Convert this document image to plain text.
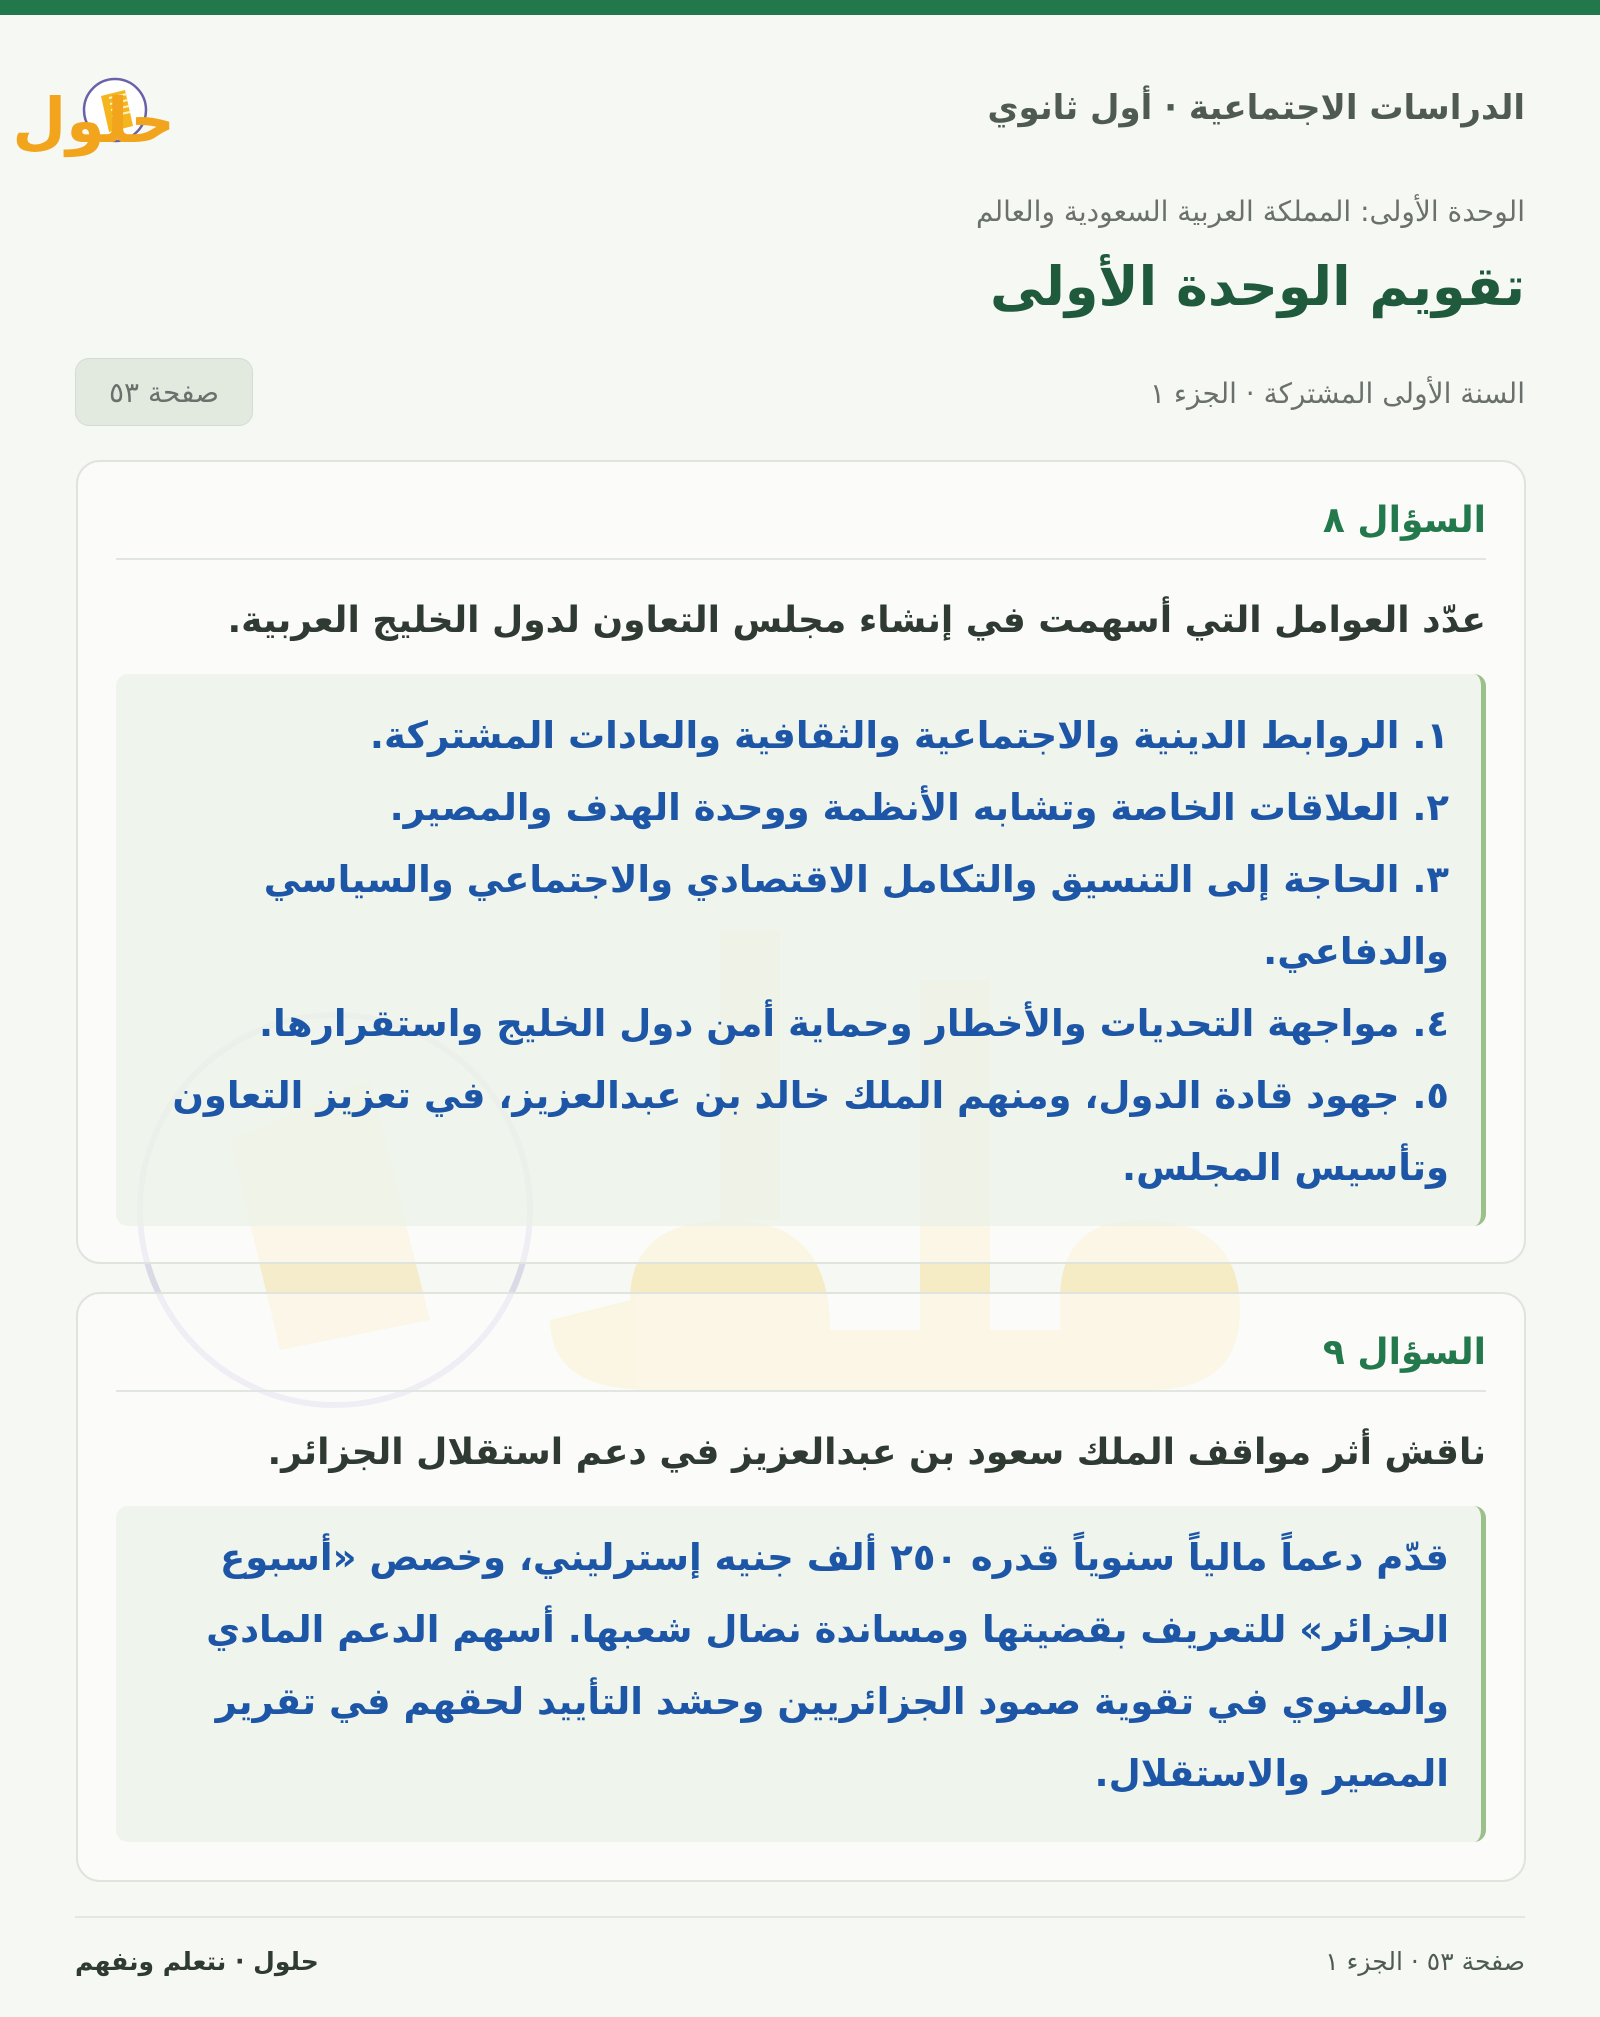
الدراسات الاجتماعية · أول ثانوي
حلول
الوحدة الأولى: المملكة العربية السعودية والعالم
تقويم الوحدة الأولى
السنة الأولى المشتركة · الجزء ١
صفحة ٥٣
السؤال ٨
عدّد العوامل التي أسهمت في إنشاء مجلس التعاون لدول الخليج العربية.
١. الروابط الدينية والاجتماعية والثقافية والعادات المشتركة.
٢. العلاقات الخاصة وتشابه الأنظمة ووحدة الهدف والمصير.
٣. الحاجة إلى التنسيق والتكامل الاقتصادي والاجتماعي والسياسي والدفاعي.
٤. مواجهة التحديات والأخطار وحماية أمن دول الخليج واستقرارها.
٥. جهود قادة الدول، ومنهم الملك خالد بن عبدالعزيز، في تعزيز التعاون وتأسيس المجلس.
السؤال ٩
ناقش أثر مواقف الملك سعود بن عبدالعزيز في دعم استقلال الجزائر.
قدّم دعماً مالياً سنوياً قدره ٢٥٠ ألف جنيه إسترليني، وخصص «أسبوع الجزائر» للتعريف بقضيتها ومساندة نضال شعبها. أسهم الدعم المادي والمعنوي في تقوية صمود الجزائريين وحشد التأييد لحقهم في تقرير المصير والاستقلال.
حلول · نتعلم ونفهم	صفحة ٥٣ · الجزء ١
